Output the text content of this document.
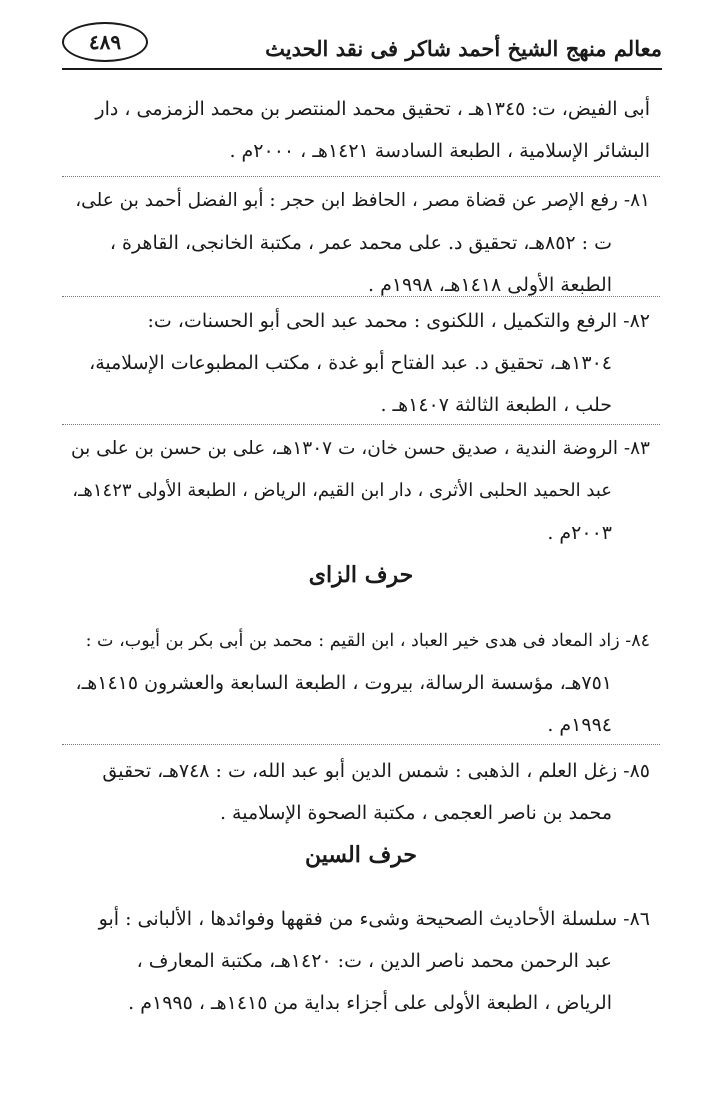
٤٨٩	معالم منهج الشيخ أحمد شاكر فى نقد الحديث
أبى الفيض، ت: ١٣٤٥هـ ، تحقيق محمد المنتصر بن محمد الزمزمى ، دار
البشائر الإسلامية ، الطبعة السادسة ١٤٢١هـ ، ٢٠٠٠م .
٨١- رفع الإصر عن قضاة مصر ، الحافظ ابن حجر : أبو الفضل أحمد بن على،
ت : ٨٥٢هـ، تحقيق د. على محمد عمر ، مكتبة الخانجى، القاهرة ،
الطبعة الأولى ١٤١٨هـ، ١٩٩٨م .
٨٢- الرفع والتكميل ، اللكنوى : محمد عبد الحى أبو الحسنات، ت:
١٣٠٤هـ، تحقيق د. عبد الفتاح أبو غدة ، مكتب المطبوعات الإسلامية،
حلب ، الطبعة الثالثة ١٤٠٧هـ .
٨٣- الروضة الندية ، صديق حسن خان، ت ١٣٠٧هـ، على بن حسن بن على بن
عبد الحميد الحلبى الأثرى ، دار ابن القيم، الرياض ، الطبعة الأولى ١٤٢٣هـ،
٢٠٠٣م .
حرف الزاى
٨٤- زاد المعاد فى هدى خير العباد ، ابن القيم : محمد بن أبى بكر بن أيوب، ت :
٧٥١هـ، مؤسسة الرسالة، بيروت ، الطبعة السابعة والعشرون ١٤١٥هـ،
١٩٩٤م .
٨٥- زغل العلم ، الذهبى : شمس الدين أبو عبد الله، ت : ٧٤٨هـ، تحقيق
محمد بن ناصر العجمى ، مكتبة الصحوة الإسلامية .
حرف السين
٨٦- سلسلة الأحاديث الصحيحة وشىء من فقهها وفوائدها ، الألبانى : أبو
عبد الرحمن محمد ناصر الدين ، ت: ١٤٢٠هـ، مكتبة المعارف ،
الرياض ، الطبعة الأولى على أجزاء بداية من ١٤١٥هـ ، ١٩٩٥م .
